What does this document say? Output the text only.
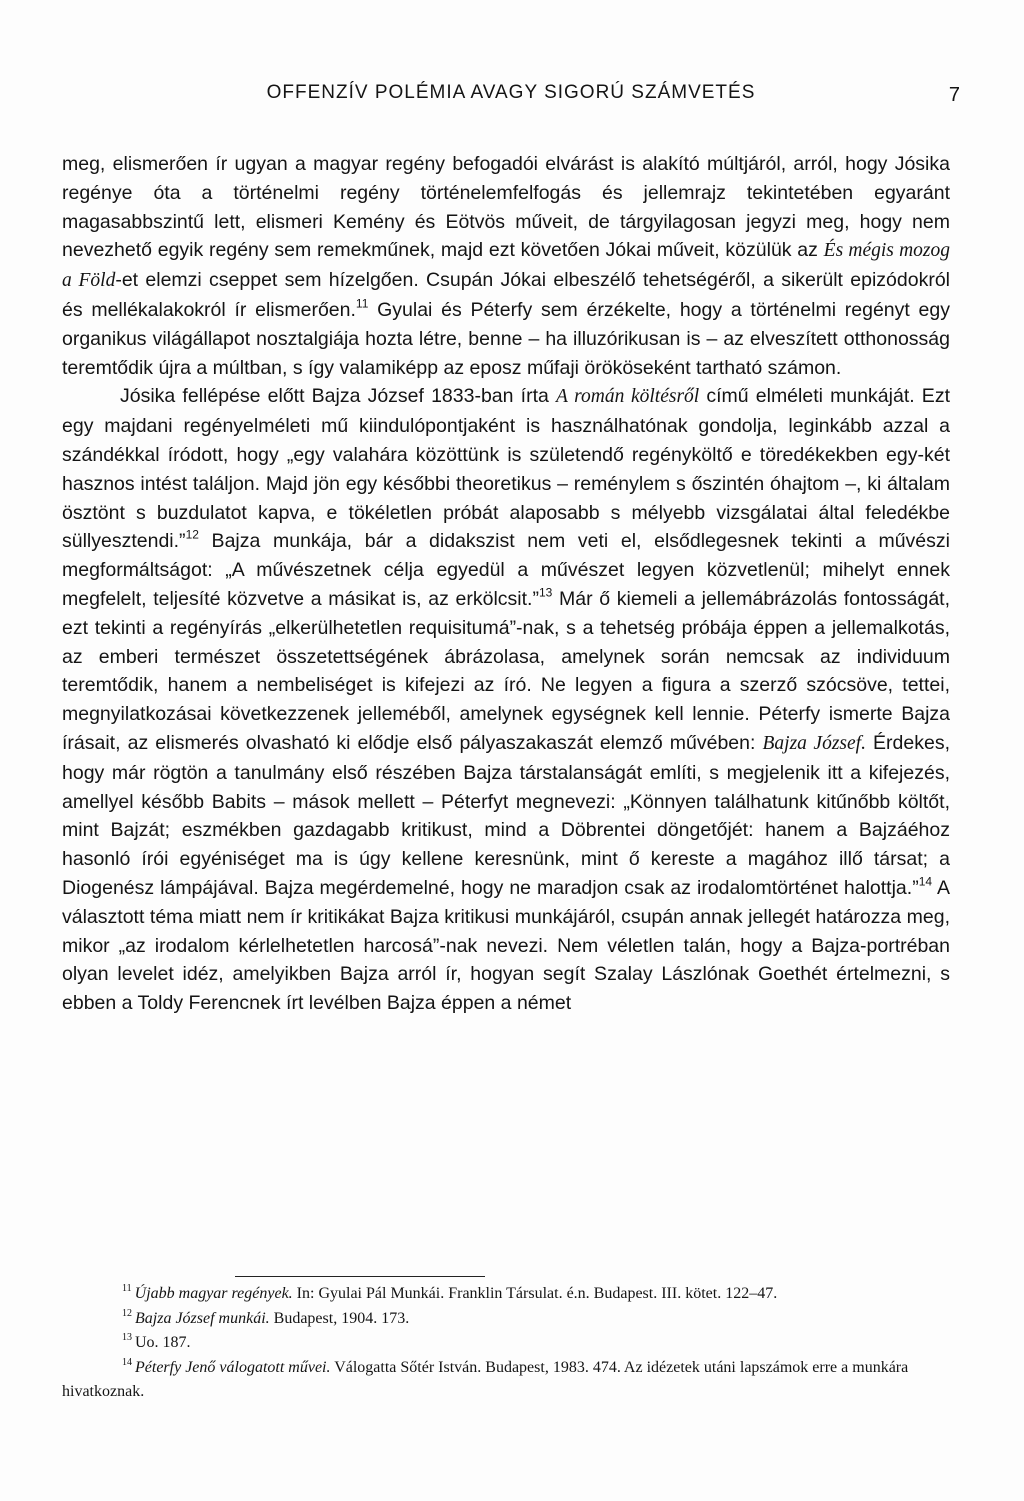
OFFENZÍV POLÉMIA AVAGY SIGORÚ SZÁMVETÉS	7

meg, elismerően ír ugyan a magyar regény befogadói elvárást is alakító múltjáról, arról, hogy Jósika regénye óta a történelmi regény történelemfelfogás és jellemrajz tekintetében egyaránt magasabbszintű lett, elismeri Kemény és Eötvös műveit, de tárgyilagosan jegyzi meg, hogy nem nevezhető egyik regény sem remekműnek, majd ezt követően Jókai műveit, közülük az És mégis mozog a Föld-et elemzi cseppet sem hízelgően. Csupán Jókai elbeszélő tehetségéről, a sikerült epizódokról és mellékalakokról ír elismerően.$^{11}$ Gyulai és Péterfy sem érzékelte, hogy a történelmi regényt egy organikus világállapot nosztalgiája hozta létre, benne – ha illuzórikusan is – az elveszített otthonosság teremtődik újra a múltban, s így valamiképp az eposz műfaji örököseként tartható számon.

Jósika fellépése előtt Bajza József 1833-ban írta A román költésről című elméleti munkáját. Ezt egy majdani regényelméleti mű kiindulópontjaként is használhatónak gondolja, leginkább azzal a szándékkal íródott, hogy „egy valahára közöttünk is születendő regényköltő e töredékekben egy-két hasznos intést találjon. Majd jön egy későbbi theoretikus – reménylem s őszintén óhajtom –, ki általam ösztönt s buzdulatot kapva, e tökéletlen próbát alaposabb s mélyebb vizsgálatai által feledékbe süllyesztendi.”$^{12}$ Bajza munkája, bár a didakszist nem veti el, elsődlegesnek tekinti a művészi megformáltságot: „A művészetnek célja egyedül a művészet legyen közvetlenül; mihelyt ennek megfelelt, teljesíté közvetve a másikat is, az erkölcsit.”$^{13}$ Már ő kiemeli a jellemábrázolás fontosságát, ezt tekinti a regényírás „elkerülhetetlen requisitumá”-nak, s a tehetség próbája éppen a jellemalkotás, az emberi természet összetettségének ábrázolasa, amelynek során nemcsak az individuum teremtődik, hanem a nembeliséget is kifejezi az író. Ne legyen a figura a szerző szócsöve, tettei, megnyilatkozásai következzenek jelleméből, amelynek egységnek kell lennie. Péterfy ismerte Bajza írásait, az elismerés olvasható ki elődje első pályaszakaszát elemző művében: Bajza József. Érdekes, hogy már rögtön a tanulmány első részében Bajza társtalanságát említi, s megjelenik itt a kifejezés, amellyel később Babits – mások mellett – Péterfyt megnevezi: „Könnyen találhatunk kitűnőbb költőt, mint Bajzát; eszmékben gazdagabb kritikust, mind a Döbrentei döngetőjét: hanem a Bajzáéhoz hasonló írói egyéniséget ma is úgy kellene keresnünk, mint ő kereste a magához illő társat; a Diogenész lámpájával. Bajza megérdemelné, hogy ne maradjon csak az irodalomtörténet halottja.”$^{14}$ A választott téma miatt nem ír kritikákat Bajza kritikusi munkájáról, csupán annak jellegét határozza meg, mikor „az irodalom kérlelhetetlen harcosá”-nak nevezi. Nem véletlen talán, hogy a Bajza-portréban olyan levelet idéz, amelyikben Bajza arról ír, hogyan segít Szalay Lászlónak Goethét értelmezni, s ebben a Toldy Ferencnek írt levélben Bajza éppen a német

$^{11}$ Újabb magyar regények. In: Gyulai Pál Munkái. Franklin Társulat. é.n. Budapest. III. kötet. 122–47.

$^{12}$ Bajza József munkái. Budapest, 1904. 173.

$^{13}$ Uo. 187.

$^{14}$ Péterfy Jenő válogatott művei. Válogatta Sőtér István. Budapest, 1983. 474. Az idézetek utáni lapszámok erre a munkára hivatkoznak.
